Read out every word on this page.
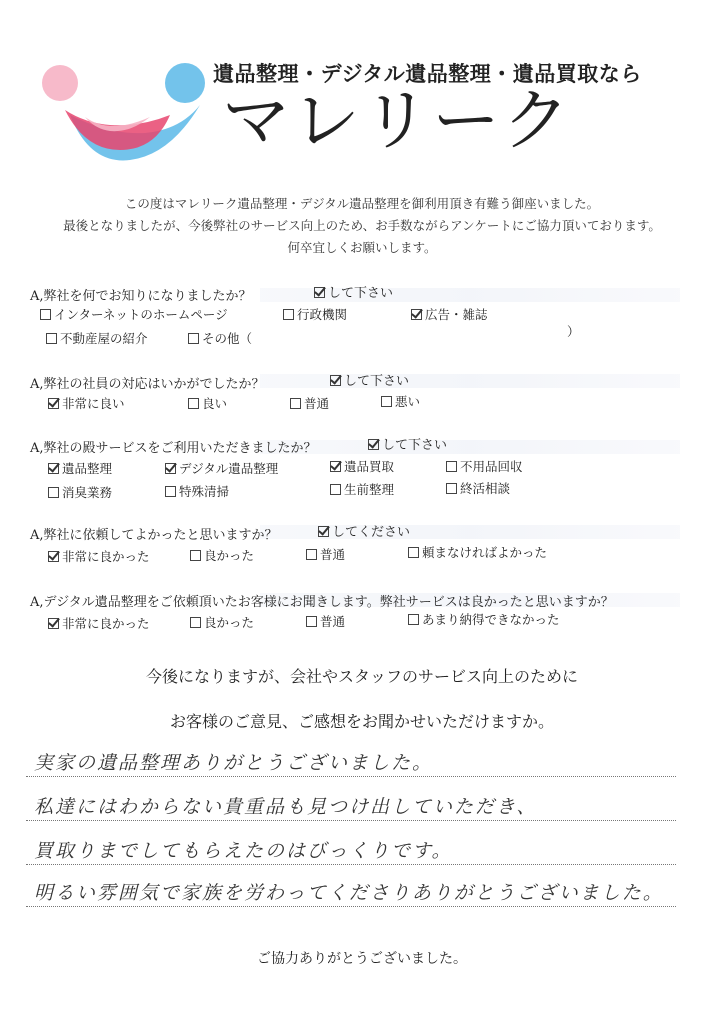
遺品整理・デジタル遺品整理・遺品買取なら
マレリーク
この度はマレリーク遺品整理・デジタル遺品整理を御利用頂き有難う御座いました。
最後となりましたが、今後弊社のサービス向上のため、お手数ながらアンケートにご協力頂いております。
何卒宜しくお願いします。
A,弊社を何でお知りになりましたか？	して下さい
インターネットのホームページ	行政機関	広告・雑誌
不動産屋の紹介	その他（	）
A,弊社の社員の対応はいかがでしたか？	して下さい
非常に良い	良い	普通	悪い
A,弊社の殿サービスをご利用いただきましたか？	して下さい
遺品整理	デジタル遺品整理	遺品買取	不用品回収
消臭業務	特殊清掃	生前整理	終活相談
A,弊社に依頼してよかったと思いますか？	してください
非常に良かった	良かった	普通	頼まなければよかった
A,デジタル遺品整理をご依頼頂いたお客様にお聞きします。弊社サービスは良かったと思いますか？
非常に良かった	良かった	普通	あまり納得できなかった
今後になりますが、会社やスタッフのサービス向上のために
お客様のご意見、ご感想をお聞かせいただけますか。
実家の遺品整理ありがとうございました。
私達にはわからない貴重品も見つけ出していただき、
買取りまでしてもらえたのはびっくりです。
明るい雰囲気で家族を労わってくださりありがとうございました。
ご協力ありがとうございました。
